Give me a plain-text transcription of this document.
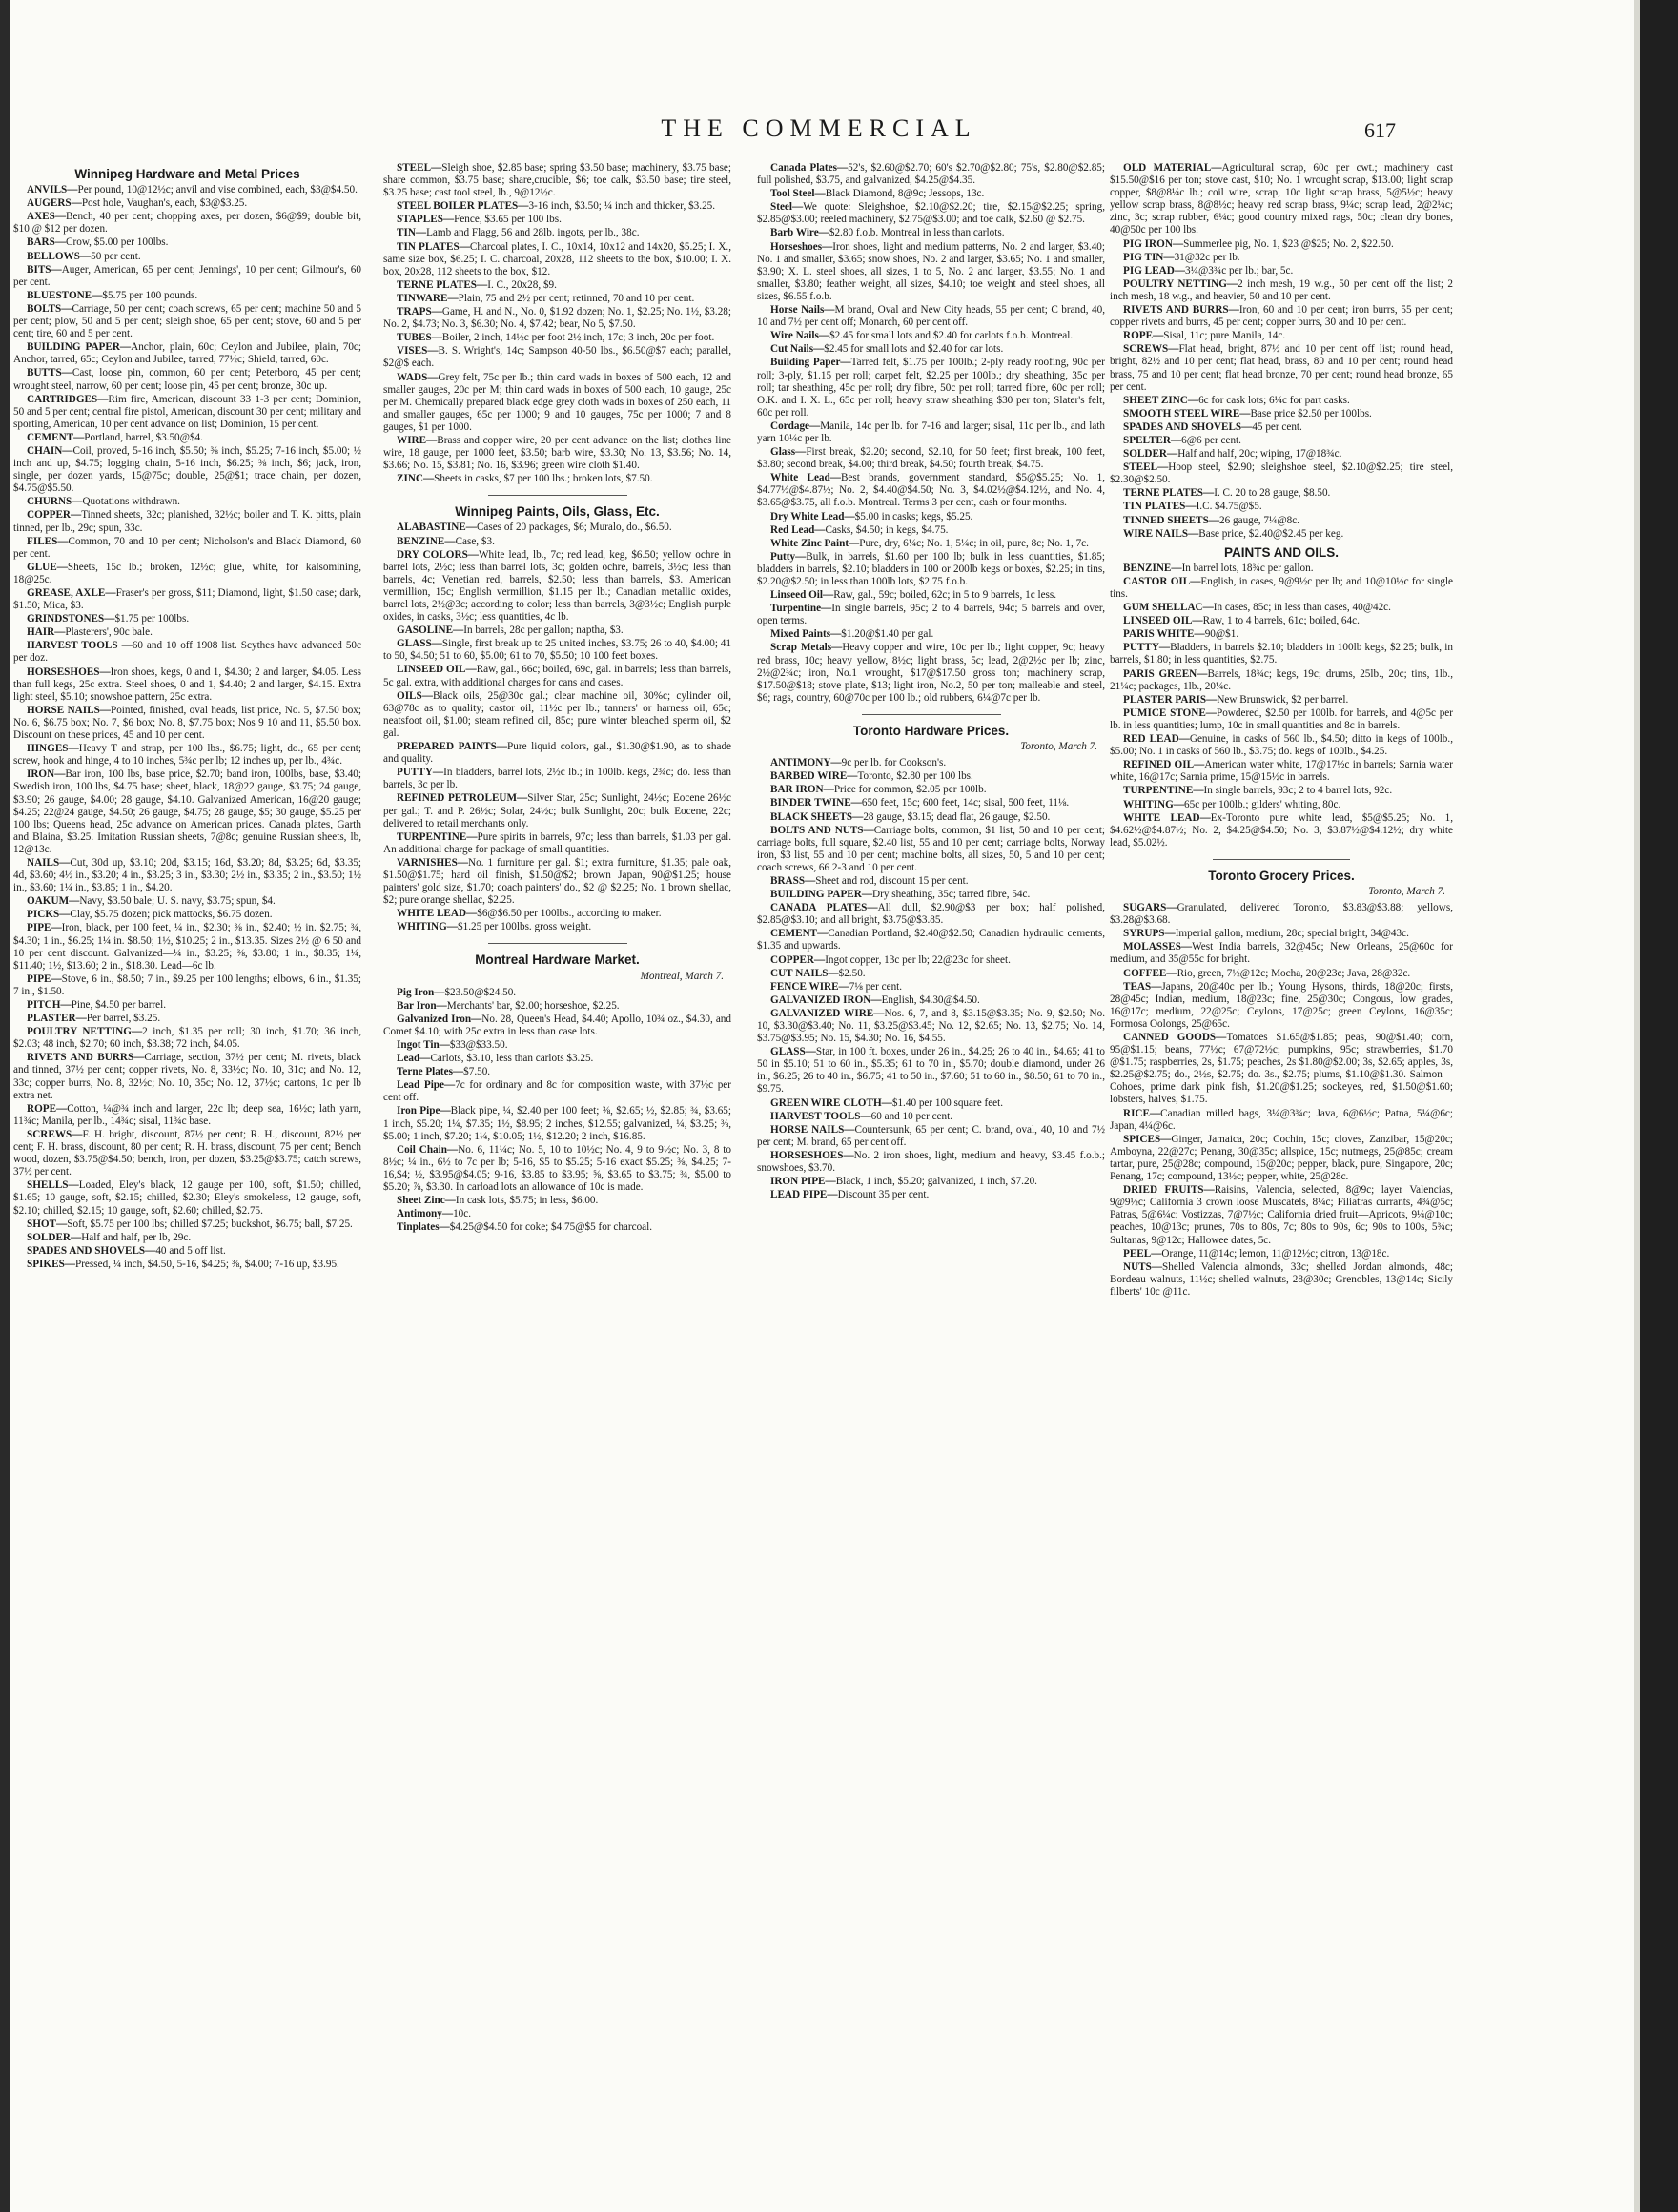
THE COMMERCIAL	617
Winnipeg Hardware and Metal Prices
ANVILS—Per pound, 10@12½c; anvil and vise combined, each, $3@$4.50.
AUGERS—Post hole, Vaughan's, each, $3@$3.25.
AXES—Bench, 40 per cent; chopping axes, per dozen, $6@$9; double bit, $10 @ $12 per dozen.
BARS—Crow, $5.00 per 100lbs.
BELLOWS—50 per cent.
BITS—Auger, American, 65 per cent; Jennings', 10 per cent; Gilmour's, 60 per cent.
BLUESTONE—$5.75 per 100 pounds.
BOLTS—Carriage, 50 per cent; coach screws, 65 per cent; machine 50 and 5 per cent; plow, 50 and 5 per cent; sleigh shoe, 65 per cent; stove, 60 and 5 per cent; tire, 60 and 5 per cent.
BUILDING PAPER—Anchor, plain, 60c; Ceylon and Jubilee, plain, 70c; Anchor, tarred, 65c; Ceylon and Jubilee, tarred, 77½c; Shield, tarred, 60c.
BUTTS—Cast, loose pin, common, 60 per cent; Peterboro, 45 per cent; wrought steel, narrow, 60 per cent; loose pin, 45 per cent; bronze, 30c up.
CARTRIDGES—Rim fire, American, discount 33 1-3 per cent; Dominion, 50 and 5 per cent; central fire pistol, American, discount 30 per cent; military and sporting, American, 10 per cent advance on list; Dominion, 15 per cent.
CEMENT—Portland, barrel, $3.50@$4.
CHAIN—Coil, proved, 5-16 inch, $5.50; ⅜ inch, $5.25; 7-16 inch, $5.00; ½ inch and up, $4.75; logging chain, 5-16 inch, $6.25; ⅜ inch, $6; jack, iron, single, per dozen yards, 15@75c; double, 25@$1; trace chain, per dozen, $4.75@$5.50.
CHURNS—Quotations withdrawn.
COPPER—Tinned sheets, 32c; planished, 32½c; boiler and T. K. pitts, plain tinned, per lb., 29c; spun, 33c.
FILES—Common, 70 and 10 per cent; Nicholson's and Black Diamond, 60 per cent.
GLUE—Sheets, 15c lb.; broken, 12½c; glue, white, for kalsomining, 18@25c.
GREASE, AXLE—Fraser's per gross, $11; Diamond, light, $1.50 case; dark, $1.50; Mica, $3.
GRINDSTONES—$1.75 per 100lbs.
HAIR—Plasterers', 90c bale.
HARVEST TOOLS —60 and 10 off 1908 list. Scythes have advanced 50c per doz.
HORSESHOES—Iron shoes, kegs, 0 and 1, $4.30; 2 and larger, $4.05. Less than full kegs, 25c extra. Steel shoes, 0 and 1, $4.40; 2 and larger, $4.15. Extra light steel, $5.10; snowshoe pattern, 25c extra.
HORSE NAILS—Pointed, finished, oval heads, list price, No. 5, $7.50 box; No. 6, $6.75 box; No. 7, $6 box; No. 8, $7.75 box; Nos 9 10 and 11, $5.50 box. Discount on these prices, 45 and 10 per cent.
HINGES—Heavy T and strap, per 100 lbs., $6.75; light, do., 65 per cent; screw, hook and hinge, 4 to 10 inches, 5¾c per lb; 12 inches up, per lb., 4¾c.
IRON—Bar iron, 100 lbs, base price, $2.70; band iron, 100lbs, base, $3.40; Swedish iron, 100 lbs, $4.75 base; sheet, black, 18@22 gauge, $3.75; 24 gauge, $3.90; 26 gauge, $4.00; 28 gauge, $4.10. Galvanized American, 16@20 gauge; $4.25; 22@24 gauge, $4.50; 26 gauge, $4.75; 28 gauge, $5; 30 gauge, $5.25 per 100 lbs; Queens head, 25c advance on American prices. Canada plates, Garth and Blaina, $3.25. Imitation Russian sheets, 7@8c; genuine Russian sheets, lb, 12@13c.
NAILS—Cut, 30d up, $3.10; 20d, $3.15; 16d, $3.20; 8d, $3.25; 6d, $3.35; 4d, $3.60; 4½ in., $3.20; 4 in., $3.25; 3 in., $3.30; 2½ in., $3.35; 2 in., $3.50; 1½ in., $3.60; 1¼ in., $3.85; 1 in., $4.20.
OAKUM—Navy, $3.50 bale; U. S. navy, $3.75; spun, $4.
PICKS—Clay, $5.75 dozen; pick mattocks, $6.75 dozen.
PIPE—Iron, black, per 100 feet, ¼ in., $2.30; ⅜ in., $2.40; ½ in. $2.75; ¾, $4.30; 1 in., $6.25; 1¼ in. $8.50; 1½, $10.25; 2 in., $13.35. Sizes 2½ @ 6 50 and 10 per cent discount. Galvanized—¼ in., $3.25; ⅜, $3.80; 1 in., $8.35; 1¼, $11.40; 1½, $13.60; 2 in., $18.30. Lead—6c lb.
PIPE—Stove, 6 in., $8.50; 7 in., $9.25 per 100 lengths; elbows, 6 in., $1.35; 7 in., $1.50.
PITCH—Pine, $4.50 per barrel.
PLASTER—Per barrel, $3.25.
POULTRY NETTING—2 inch, $1.35 per roll; 30 inch, $1.70; 36 inch, $2.03; 48 inch, $2.70; 60 inch, $3.38; 72 inch, $4.05.
RIVETS AND BURRS—Carriage, section, 37½ per cent; M. rivets, black and tinned, 37½ per cent; copper rivets, No. 8, 33½c; No. 10, 31c; and No. 12, 33c; copper burrs, No. 8, 32½c; No. 10, 35c; No. 12, 37½c; cartons, 1c per lb extra net.
ROPE—Cotton, ¼@¾ inch and larger, 22c lb; deep sea, 16½c; lath yarn, 11¾c; Manila, per lb., 14¾c; sisal, 11¾c base.
SCREWS—F. H. bright, discount, 87½ per cent; R. H., discount, 82½ per cent; F. H. brass, discount, 80 per cent; R. H. brass, discount, 75 per cent; Bench wood, dozen, $3.75@$4.50; bench, iron, per dozen, $3.25@$3.75; catch screws, 37½ per cent.
SHELLS—Loaded, Eley's black, 12 gauge per 100, soft, $1.50; chilled, $1.65; 10 gauge, soft, $2.15; chilled, $2.30; Eley's smokeless, 12 gauge, soft, $2.10; chilled, $2.15; 10 gauge, soft, $2.60; chilled, $2.75.
SHOT—Soft, $5.75 per 100 lbs; chilled $7.25; buckshot, $6.75; ball, $7.25.
SOLDER—Half and half, per lb, 29c.
SPADES AND SHOVELS—40 and 5 off list.
SPIKES—Pressed, ¼ inch, $4.50, 5-16, $4.25; ⅜, $4.00; 7-16 up, $3.95.
STEEL—Sleigh shoe, $2.85 base; spring $3.50 base; machinery, $3.75 base; share common, $3.75 base; share,crucible, $6; toe calk, $3.50 base; tire steel, $3.25 base; cast tool steel, lb., 9@12½c.
STEEL BOILER PLATES—3-16 inch, $3.50; ¼ inch and thicker, $3.25.
STAPLES—Fence, $3.65 per 100 lbs.
TIN—Lamb and Flagg, 56 and 28lb. ingots, per lb., 38c.
TIN PLATES—Charcoal plates, I. C., 10x14, 10x12 and 14x20, $5.25; I. X., same size box, $6.25; I. C. charcoal, 20x28, 112 sheets to the box, $10.00; I. X. box, 20x28, 112 sheets to the box, $12.
TERNE PLATES—I. C., 20x28, $9.
TINWARE—Plain, 75 and 2½ per cent; retinned, 70 and 10 per cent.
TRAPS—Game, H. and N., No. 0, $1.92 dozen; No. 1, $2.25; No. 1½, $3.28; No. 2, $4.73; No. 3, $6.30; No. 4, $7.42; bear, No 5, $7.50.
TUBES—Boiler, 2 inch, 14½c per foot 2½ inch, 17c; 3 inch, 20c per foot.
VISES—B. S. Wright's, 14c; Sampson 40-50 lbs., $6.50@$7 each; parallel, $2@$ each.
WADS—Grey felt, 75c per lb.; thin card wads in boxes of 500 each, 12 and smaller gauges, 20c per M; thin card wads in boxes of 500 each, 10 gauge, 25c per M. Chemically prepared black edge grey cloth wads in boxes of 250 each, 11 and smaller gauges, 65c per 1000; 9 and 10 gauges, 75c per 1000; 7 and 8 gauges, $1 per 1000.
WIRE—Brass and copper wire, 20 per cent advance on the list; clothes line wire, 18 gauge, per 1000 feet, $3.50; barb wire, $3.30; No. 13, $3.56; No. 14, $3.66; No. 15, $3.81; No. 16, $3.96; green wire cloth $1.40.
ZINC—Sheets in casks, $7 per 100 lbs.; broken lots, $7.50.
Winnipeg Paints, Oils, Glass, Etc.
ALABASTINE—Cases of 20 packages, $6; Muralo, do., $6.50.
BENZINE—Case, $3.
DRY COLORS—White lead, lb., 7c; red lead, keg, $6.50; yellow ochre in barrel lots, 2½c; less than barrel lots, 3c; golden ochre, barrels, 3½c; less than barrels, 4c; Venetian red, barrels, $2.50; less than barrels, $3. American vermillion, 15c; English vermillion, $1.15 per lb.; Canadian metallic oxides, barrel lots, 2½@3c; according to color; less than barrels, 3@3½c; English purple oxides, in casks, 3½c; less quantities, 4c lb.
GASOLINE—In barrels, 28c per gallon; naptha, $3.
GLASS—Single, first break up to 25 united inches, $3.75; 26 to 40, $4.00; 41 to 50, $4.50; 51 to 60, $5.00; 61 to 70, $5.50; 10 100 feet boxes.
LINSEED OIL—Raw, gal., 66c; boiled, 69c, gal. in barrels; less than barrels, 5c gal. extra, with additional charges for cans and cases.
OILS—Black oils, 25@30c gal.; clear machine oil, 30%c; cylinder oil, 63@78c as to quality; castor oil, 11½c per lb.; tanners' or harness oil, 65c; neatsfoot oil, $1.00; steam refined oil, 85c; pure winter bleached sperm oil, $2 gal.
PREPARED PAINTS—Pure liquid colors, gal., $1.30@$1.90, as to shade and quality.
PUTTY—In bladders, barrel lots, 2½c lb.; in 100lb. kegs, 2¾c; do. less than barrels, 3c per lb.
REFINED PETROLEUM—Silver Star, 25c; Sunlight, 24½c; Eocene 26½c per gal.; T. and P. 26½c; Solar, 24½c; bulk Sunlight, 20c; bulk Eocene, 22c; delivered to retail merchants only.
TURPENTINE—Pure spirits in barrels, 97c; less than barrels, $1.03 per gal. An additional charge for package of small quantities.
VARNISHES—No. 1 furniture per gal. $1; extra furniture, $1.35; pale oak, $1.50@$1.75; hard oil finish, $1.50@$2; brown Japan, 90@$1.25; house painters' gold size, $1.70; coach painters' do., $2 @ $2.25; No. 1 brown shellac, $2; pure orange shellac, $2.25.
WHITE LEAD—$6@$6.50 per 100lbs., according to maker.
WHITING—$1.25 per 100lbs. gross weight.
Montreal Hardware Market.
Montreal, March 7.
Pig Iron—$23.50@$24.50.
Bar Iron—Merchants' bar, $2.00; horseshoe, $2.25.
Galvanized Iron—No. 28, Queen's Head, $4.40; Apollo, 10¾ oz., $4.30, and Comet $4.10; with 25c extra in less than case lots.
Ingot Tin—$33@$33.50.
Lead—Carlots, $3.10, less than carlots $3.25.
Terne Plates—$7.50.
Lead Pipe—7c for ordinary and 8c for composition waste, with 37½c per cent off.
Iron Pipe—Black pipe, ¼, $2.40 per 100 feet; ⅜, $2.65; ½, $2.85; ¾, $3.65; 1 inch, $5.20; 1¼, $7.35; 1½, $8.95; 2 inches, $12.55; galvanized, ¼, $3.25; ⅜, $5.00; 1 inch, $7.20; 1¼, $10.05; 1½, $12.20; 2 inch, $16.85.
Coil Chain—No. 6, 11¼c; No. 5, 10 to 10½c; No. 4, 9 to 9½c; No. 3, 8 to 8½c; ¼ in., 6½ to 7c per lb; 5-16, $5 to $5.25; 5-16 exact $5.25; ⅜, $4.25; 7-16,$4; ½, $3.95@$4.05; 9-16, $3.85 to $3.95; ⅝, $3.65 to $3.75; ¾, $5.00 to $5.20; ⅞, $3.30. In carload lots an allowance of 10c is made.
Sheet Zinc—In cask lots, $5.75; in less, $6.00.
Antimony—10c.
Tinplates—$4.25@$4.50 for coke; $4.75@$5 for charcoal.
Canada Plates—52's, $2.60@$2.70; 60's $2.70@$2.80; 75's, $2.80@$2.85; full polished, $3.75, and galvanized, $4.25@$4.35.
Tool Steel—Black Diamond, 8@9c; Jessops, 13c.
Steel—We quote: Sleighshoe, $2.10@$2.20; tire, $2.15@$2.25; spring, $2.85@$3.00; reeled machinery, $2.75@$3.00; and toe calk, $2.60 @ $2.75.
Barb Wire—$2.80 f.o.b. Montreal in less than carlots.
Horseshoes—Iron shoes, light and medium patterns, No. 2 and larger, $3.40; No. 1 and smaller, $3.65; snow shoes, No. 2 and larger, $3.65; No. 1 and smaller, $3.90; X. L. steel shoes, all sizes, 1 to 5, No. 2 and larger, $3.55; No. 1 and smaller, $3.80; feather weight, all sizes, $4.10; toe weight and steel shoes, all sizes, $6.55 f.o.b.
Horse Nails—M brand, Oval and New City heads, 55 per cent; C brand, 40, 10 and 7½ per cent off; Monarch, 60 per cent off.
Wire Nails—$2.45 for small lots and $2.40 for carlots f.o.b. Montreal.
Cut Nails—$2.45 for small lots and $2.40 for car lots.
Building Paper—Tarred felt, $1.75 per 100lb.; 2-ply ready roofing, 90c per roll; 3-ply, $1.15 per roll; carpet felt, $2.25 per 100lb.; dry sheathing, 35c per roll; tar sheathing, 45c per roll; dry fibre, 50c per roll; tarred fibre, 60c per roll; O.K. and I. X. L., 65c per roll; heavy straw sheathing $30 per ton; Slater's felt, 60c per roll.
Cordage—Manila, 14c per lb. for 7-16 and larger; sisal, 11c per lb., and lath yarn 10¼c per lb.
Glass—First break, $2.20; second, $2.10, for 50 feet; first break, 100 feet, $3.80; second break, $4.00; third break, $4.50; fourth break, $4.75.
White Lead—Best brands, government standard, $5@$5.25; No. 1, $4.77½@$4.87½; No. 2, $4.40@$4.50; No. 3, $4.02½@$4.12½, and No. 4, $3.65@$3.75, all f.o.b. Montreal. Terms 3 per cent, cash or four months.
Dry White Lead—$5.00 in casks; kegs, $5.25.
Red Lead—Casks, $4.50; in kegs, $4.75.
White Zinc Paint—Pure, dry, 6¼c; No. 1, 5¼c; in oil, pure, 8c; No. 1, 7c.
Putty—Bulk, in barrels, $1.60 per 100 lb; bulk in less quantities, $1.85; bladders in barrels, $2.10; bladders in 100 or 200lb kegs or boxes, $2.25; in tins, $2.20@$2.50; in less than 100lb lots, $2.75 f.o.b.
Linseed Oil—Raw, gal., 59c; boiled, 62c; in 5 to 9 barrels, 1c less.
Turpentine—In single barrels, 95c; 2 to 4 barrels, 94c; 5 barrels and over, open terms.
Mixed Paints—$1.20@$1.40 per gal.
Scrap Metals—Heavy copper and wire, 10c per lb.; light copper, 9c; heavy red brass, 10c; heavy yellow, 8½c; light brass, 5c; lead, 2@2½c per lb; zinc, 2½@2¾c; iron, No.1 wrought, $17@$17.50 gross ton; machinery scrap, $17.50@$18; stove plate, $13; light iron, No.2, 50 per ton; malleable and steel, $6; rags, country, 60@70c per 100 lb.; old rubbers, 6¼@7c per lb.
Toronto Hardware Prices.
Toronto, March 7.
ANTIMONY—9c per lb. for Cookson's.
BARBED WIRE—Toronto, $2.80 per 100 lbs.
BAR IRON—Price for common, $2.05 per 100lb.
BINDER TWINE—650 feet, 15c; 600 feet, 14c; sisal, 500 feet, 11⅛.
BLACK SHEETS—28 gauge, $3.15; dead flat, 26 gauge, $2.50.
BOLTS AND NUTS—Carriage bolts, common, $1 list, 50 and 10 per cent; carriage bolts, full square, $2.40 list, 55 and 10 per cent; carriage bolts, Norway iron, $3 list, 55 and 10 per cent; machine bolts, all sizes, 50, 5 and 10 per cent; coach screws, 66 2-3 and 10 per cent.
BRASS—Sheet and rod, discount 15 per cent.
BUILDING PAPER—Dry sheathing, 35c; tarred fibre, 54c.
CANADA PLATES—All dull, $2.90@$3 per box; half polished, $2.85@$3.10; and all bright, $3.75@$3.85.
CEMENT—Canadian Portland, $2.40@$2.50; Canadian hydraulic cements, $1.35 and upwards.
COPPER—Ingot copper, 13c per lb; 22@23c for sheet.
CUT NAILS—$2.50.
FENCE WIRE—7⅛ per cent.
GALVANIZED IRON—English, $4.30@$4.50.
GALVANIZED WIRE—Nos. 6, 7, and 8, $3.15@$3.35; No. 9, $2.50; No. 10, $3.30@$3.40; No. 11, $3.25@$3.45; No. 12, $2.65; No. 13, $2.75; No. 14, $3.75@$3.95; No. 15, $4.30; No. 16, $4.55.
GLASS—Star, in 100 ft. boxes, under 26 in., $4.25; 26 to 40 in., $4.65; 41 to 50 in $5.10; 51 to 60 in., $5.35; 61 to 70 in., $5.70; double diamond, under 26 in., $6.25; 26 to 40 in., $6.75; 41 to 50 in., $7.60; 51 to 60 in., $8.50; 61 to 70 in., $9.75.
GREEN WIRE CLOTH—$1.40 per 100 square feet.
HARVEST TOOLS—60 and 10 per cent.
HORSE NAILS—Countersunk, 65 per cent; C. brand, oval, 40, 10 and 7½ per cent; M. brand, 65 per cent off.
HORSESHOES—No. 2 iron shoes, light, medium and heavy, $3.45 f.o.b.; snowshoes, $3.70.
IRON PIPE—Black, 1 inch, $5.20; galvanized, 1 inch, $7.20.
LEAD PIPE—Discount 35 per cent.
OLD MATERIAL—Agricultural scrap, 60c per cwt.; machinery cast $15.50@$16 per ton; stove cast, $10; No. 1 wrought scrap, $13.00; light scrap copper, $8@8¼c lb.; coil wire, scrap, 10c light scrap brass, 5@5½c; heavy yellow scrap brass, 8@8½c; heavy red scrap brass, 9¼c; scrap lead, 2@2¼c; zinc, 3c; scrap rubber, 6¼c; good country mixed rags, 50c; clean dry bones, 40@50c per 100 lbs.
PIG IRON—Summerlee pig, No. 1, $23 @$25; No. 2, $22.50.
PIG TIN—31@32c per lb.
PIG LEAD—3¼@3¾c per lb.; bar, 5c.
POULTRY NETTING—2 inch mesh, 19 w.g., 50 per cent off the list; 2 inch mesh, 18 w.g., and heavier, 50 and 10 per cent.
RIVETS AND BURRS—Iron, 60 and 10 per cent; iron burrs, 55 per cent; copper rivets and burrs, 45 per cent; copper burrs, 30 and 10 per cent.
ROPE—Sisal, 11c; pure Manila, 14c.
SCREWS—Flat head, bright, 87½ and 10 per cent off list; round head, bright, 82½ and 10 per cent; flat head, brass, 80 and 10 per cent; round head brass, 75 and 10 per cent; flat head bronze, 70 per cent; round head bronze, 65 per cent.
SHEET ZINC—6c for cask lots; 6¼c for part casks.
SMOOTH STEEL WIRE—Base price $2.50 per 100lbs.
SPADES AND SHOVELS—45 per cent.
SPELTER—6@6 per cent.
SOLDER—Half and half, 20c; wiping, 17@18¾c.
STEEL—Hoop steel, $2.90; sleighshoe steel, $2.10@$2.25; tire steel, $2.30@$2.50.
TERNE PLATES—I. C. 20 to 28 gauge, $8.50.
TIN PLATES—I.C. $4.75@$5.
TINNED SHEETS—26 gauge, 7¼@8c.
WIRE NAILS—Base price, $2.40@$2.45 per keg.
PAINTS AND OILS.
BENZINE—In barrel lots, 18¾c per gallon.
CASTOR OIL—English, in cases, 9@9½c per lb; and 10@10½c for single tins.
GUM SHELLAC—In cases, 85c; in less than cases, 40@42c.
LINSEED OIL—Raw, 1 to 4 barrels, 61c; boiled, 64c.
PARIS WHITE—90@$1.
PUTTY—Bladders, in barrels $2.10; bladders in 100lb kegs, $2.25; bulk, in barrels, $1.80; in less quantities, $2.75.
PARIS GREEN—Barrels, 18¾c; kegs, 19c; drums, 25lb., 20c; tins, 1lb., 21¼c; packages, 1lb., 20¼c.
PLASTER PARIS—New Brunswick, $2 per barrel.
PUMICE STONE—Powdered, $2.50 per 100lb. for barrels, and 4@5c per lb. in less quantities; lump, 10c in small quantities and 8c in barrels.
RED LEAD—Genuine, in casks of 560 lb., $4.50; ditto in kegs of 100lb., $5.00; No. 1 in casks of 560 lb., $3.75; do. kegs of 100lb., $4.25.
REFINED OIL—American water white, 17@17½c in barrels; Sarnia water white, 16@17c; Sarnia prime, 15@15½c in barrels.
TURPENTINE—In single barrels, 93c; 2 to 4 barrel lots, 92c.
WHITING—65c per 100lb.; gilders' whiting, 80c.
WHITE LEAD—Ex-Toronto pure white lead, $5@$5.25; No. 1, $4.62½@$4.87½; No. 2, $4.25@$4.50; No. 3, $3.87½@$4.12½; dry white lead, $5.02½.
Toronto Grocery Prices.
Toronto, March 7.
SUGARS—Granulated, delivered Toronto, $3.83@$3.88; yellows, $3.28@$3.68.
SYRUPS—Imperial gallon, medium, 28c; special bright, 34@43c.
MOLASSES—West India barrels, 32@45c; New Orleans, 25@60c for medium, and 35@55c for bright.
COFFEE—Rio, green, 7½@12c; Mocha, 20@23c; Java, 28@32c.
TEAS—Japans, 20@40c per lb.; Young Hysons, thirds, 18@20c; firsts, 28@45c; Indian, medium, 18@23c; fine, 25@30c; Congous, low grades, 16@17c; medium, 22@25c; Ceylons, 17@25c; green Ceylons, 16@35c; Formosa Oolongs, 25@65c.
CANNED GOODS—Tomatoes $1.65@$1.85; peas, 90@$1.40; corn, 95@$1.15; beans, 77½c; 67@72½c; pumpkins, 95c; strawberries, $1.70 @$1.75; raspberries, 2s, $1.75; peaches, 2s $1.80@$2.00; 3s, $2.65; apples, 3s, $2.25@$2.75; do., 2½s, $2.75; do. 3s., $2.75; plums, $1.10@$1.30. Salmon—Cohoes, prime dark pink fish, $1.20@$1.25; sockeyes, red, $1.50@$1.60; lobsters, halves, $1.75.
RICE—Canadian milled bags, 3¼@3¾c; Java, 6@6½c; Patna, 5¼@6c; Japan, 4¼@6c.
SPICES—Ginger, Jamaica, 20c; Cochin, 15c; cloves, Zanzibar, 15@20c; Amboyna, 22@27c; Penang, 30@35c; allspice, 15c; nutmegs, 25@85c; cream tartar, pure, 25@28c; compound, 15@20c; pepper, black, pure, Singapore, 20c; Penang, 17c; compound, 13½c; pepper, white, 25@28c.
DRIED FRUITS—Raisins, Valencia, selected, 8@9c; layer Valencias, 9@9½c; California 3 crown loose Muscatels, 8¼c; Filiatras currants, 4¾@5c; Patras, 5@6¼c; Vostizzas, 7@7½c; California dried fruit—Apricots, 9¼@10c; peaches, 10@13c; prunes, 70s to 80s, 7c; 80s to 90s, 6c; 90s to 100s, 5¾c; Sultanas, 9@12c; Hallowee dates, 5c.
PEEL—Orange, 11@14c; lemon, 11@12½c; citron, 13@18c.
NUTS—Shelled Valencia almonds, 33c; shelled Jordan almonds, 48c; Bordeau walnuts, 11½c; shelled walnuts, 28@30c; Grenobles, 13@14c; Sicily filberts' 10c @11c.
